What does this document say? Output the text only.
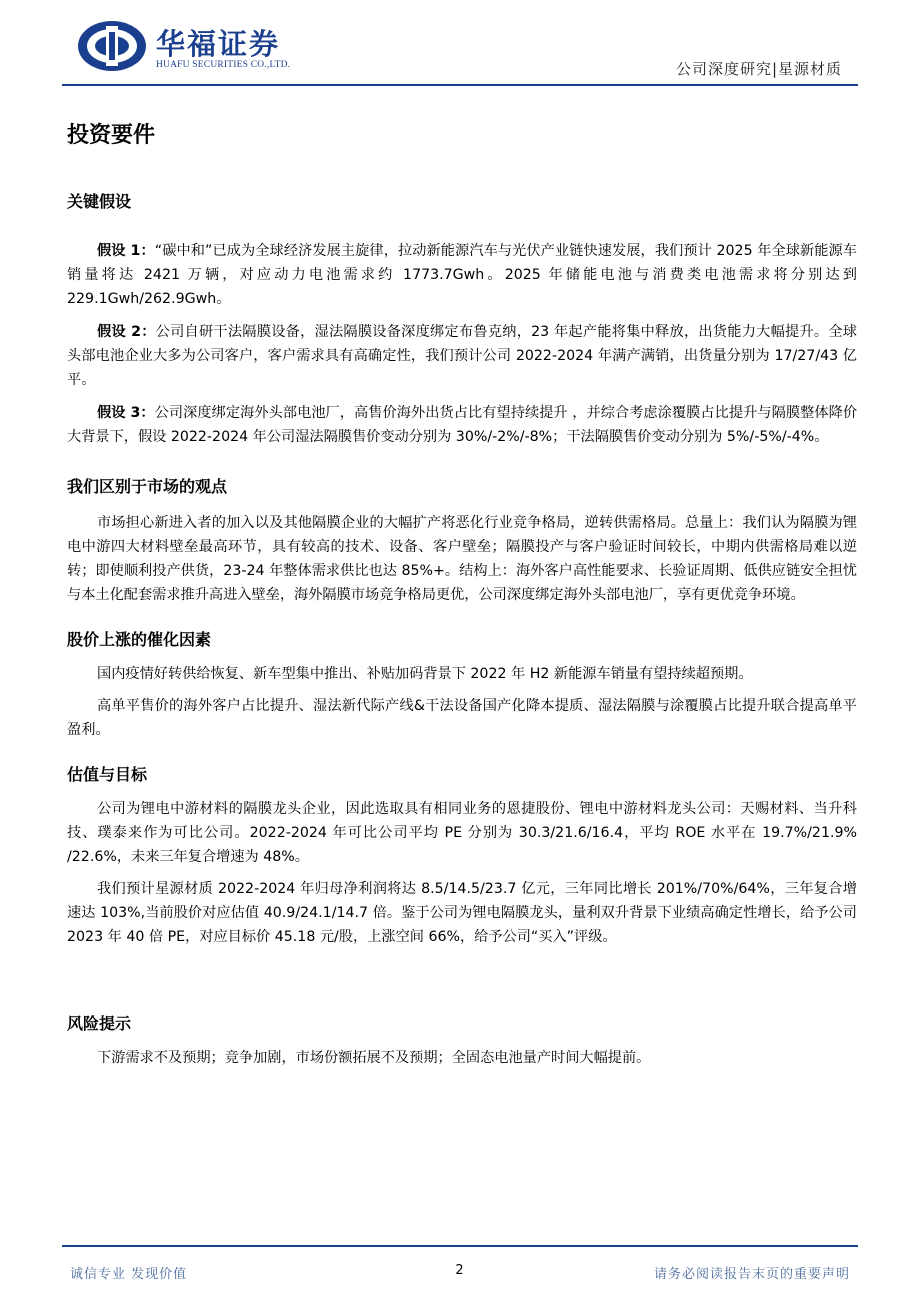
华福证券
HUAFU SECURITIES CO.,LTD.	公司深度研究|星源材质
投资要件
关键假设

假设 1：“碳中和”已成为全球经济发展主旋律，拉动新能源汽车与光伏产业链快速发展，我们预计 2025 年全球新能源车销量将达 2421 万辆，对应动力电池需求约 1773.7Gwh。2025 年储能电池与消费类电池需求将分别达到 229.1Gwh/262.9Gwh。

假设 2：公司自研干法隔膜设备，湿法隔膜设备深度绑定布鲁克纳，23 年起产能将集中释放，出货能力大幅提升。全球头部电池企业大多为公司客户，客户需求具有高确定性，我们预计公司 2022-2024 年满产满销，出货量分别为 17/27/43 亿平。

假设 3：公司深度绑定海外头部电池厂，高售价海外出货占比有望持续提升 ，并综合考虑涂覆膜占比提升与隔膜整体降价大背景下，假设 2022-2024 年公司湿法隔膜售价变动分别为 30%/-2%/-8%；干法隔膜售价变动分别为 5%/-5%/-4%。

我们区别于市场的观点

市场担心新进入者的加入以及其他隔膜企业的大幅扩产将恶化行业竞争格局，逆转供需格局。总量上：我们认为隔膜为锂电中游四大材料壁垒最高环节，具有较高的技术、设备、客户壁垒；隔膜投产与客户验证时间较长，中期内供需格局难以逆转；即使顺利投产供货，23-24 年整体需求供比也达 85%+。结构上：海外客户高性能要求、长验证周期、低供应链安全担忧与本土化配套需求推升高进入壁垒，海外隔膜市场竞争格局更优，公司深度绑定海外头部电池厂，享有更优竞争环境。

股价上涨的催化因素

国内疫情好转供给恢复、新车型集中推出、补贴加码背景下 2022 年 H2 新能源车销量有望持续超预期。

高单平售价的海外客户占比提升、湿法新代际产线&干法设备国产化降本提质、湿法隔膜与涂覆膜占比提升联合提高单平盈利。

估值与目标

公司为锂电中游材料的隔膜龙头企业，因此选取具有相同业务的恩捷股份、锂电中游材料龙头公司：天赐材料、当升科技、璞泰来作为可比公司。2022-2024 年可比公司平均 PE 分别为 30.3/21.6/16.4，平均 ROE 水平在 19.7%/21.9% /22.6%，未来三年复合增速为 48%。

我们预计星源材质 2022-2024 年归母净利润将达 8.5/14.5/23.7 亿元，三年同比增长 201%/70%/64%，三年复合增速达 103%,当前股价对应估值 40.9/24.1/14.7 倍。鉴于公司为锂电隔膜龙头，量利双升背景下业绩高确定性增长，给予公司 2023 年 40 倍 PE，对应目标价 45.18 元/股，上涨空间 66%，给予公司“买入”评级。

风险提示

下游需求不及预期；竞争加剧，市场份额拓展不及预期；全固态电池量产时间大幅提前。

诚信专业 发现价值	2	请务必阅读报告末页的重要声明
